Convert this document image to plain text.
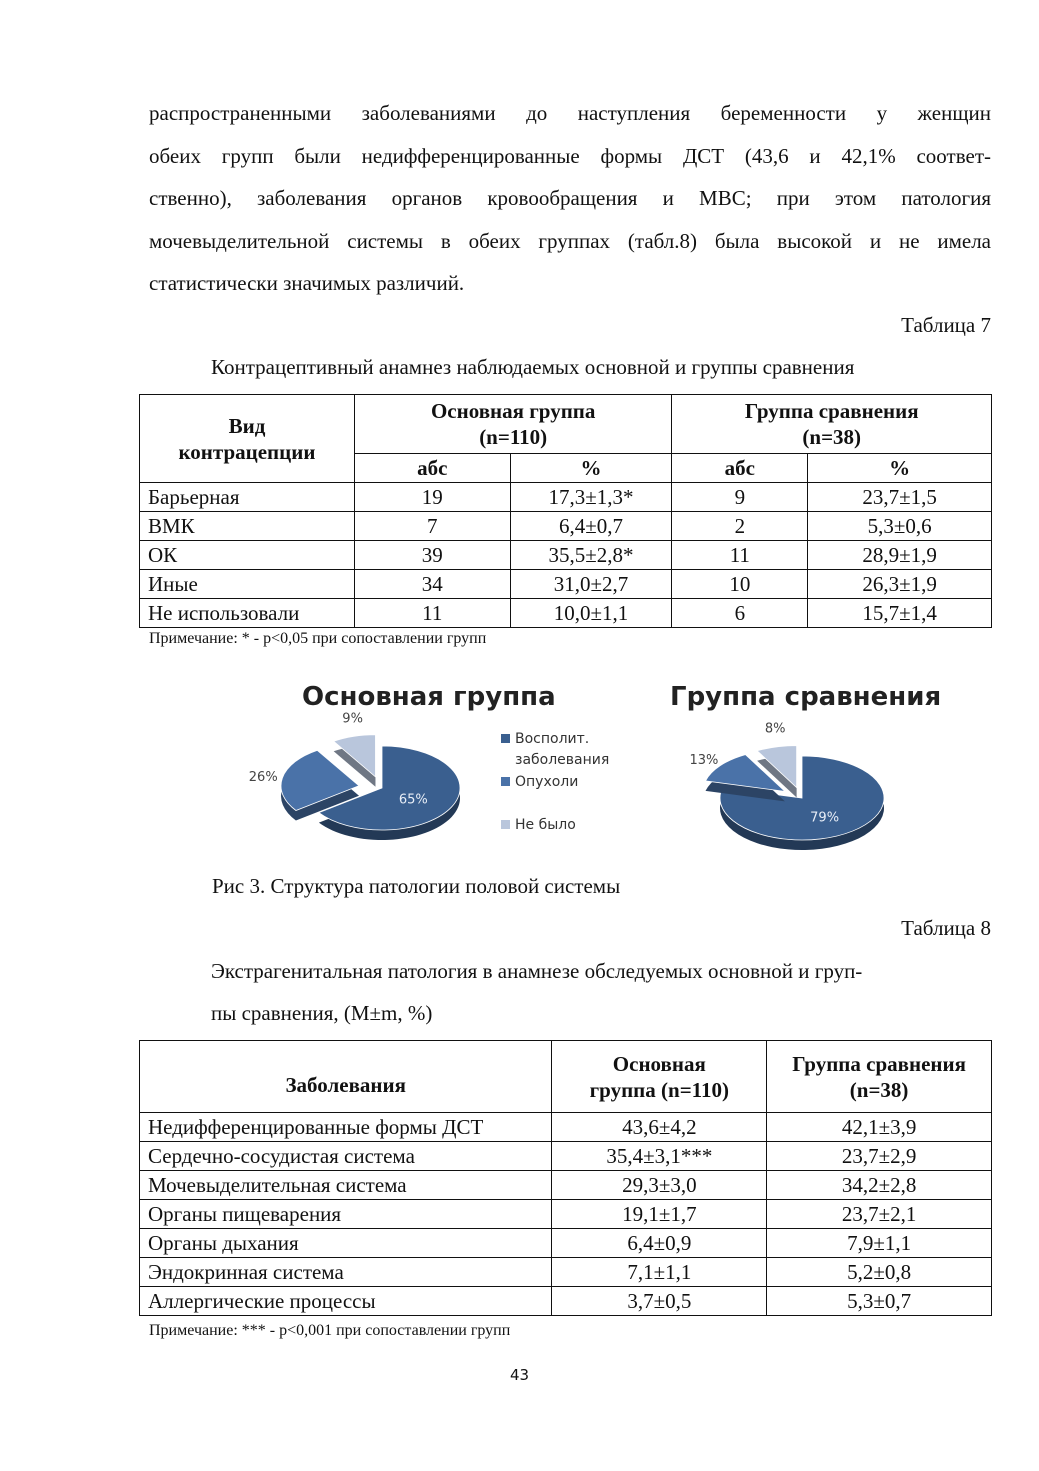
распространенными заболеваниями до наступления беременности у женщин
обеих групп были недифференцированные формы ДСТ (43,6 и 42,1% соответ-
ственно), заболевания органов кровообращения и МВС; при этом патология
мочевыделительной системы в обеих группах (табл.8) была высокой и не имела
статистически значимых различий.
Таблица 7
Контрацептивный анамнез наблюдаемых основной и группы сравнения
Вид контрацепции	Основная группа (n=110)		Группа сравнения (n=38)	
	абс	%	абс	%
Барьерная	19	17,3±1,3*	9	23,7±1,5
ВМК	7	6,4±0,7	2	5,3±0,6
ОК	39	35,5±2,8*	11	28,9±1,9
Иные	34	31,0±2,7	10	26,3±1,9
Не использовали	11	10,0±1,1	6	15,7±1,4
Примечание: * - p<0,05 при сопоставлении групп
Основная группа	Группа сравнения
65%
26%
9%
79%
13%
8%
Восполит.
заболевания
Опухоли
Не было
Рис 3. Структура патологии половой системы
Таблица 8
Экстрагенитальная патология в анамнезе обследуемых основной и груп-
пы сравнения, (M±m, %)
Заболевания	Основная группа (n=110)	Группа сравнения (n=38)
Недифференцированные формы ДСТ	43,6±4,2	42,1±3,9
Сердечно-сосудистая система	35,4±3,1***	23,7±2,9
Мочевыделительная система	29,3±3,0	34,2±2,8
Органы пищеварения	19,1±1,7	23,7±2,1
Органы дыхания	6,4±0,9	7,9±1,1
Эндокринная система	7,1±1,1	5,2±0,8
Аллергические процессы	3,7±0,5	5,3±0,7
Примечание: *** - p<0,001 при сопоставлении групп
43
